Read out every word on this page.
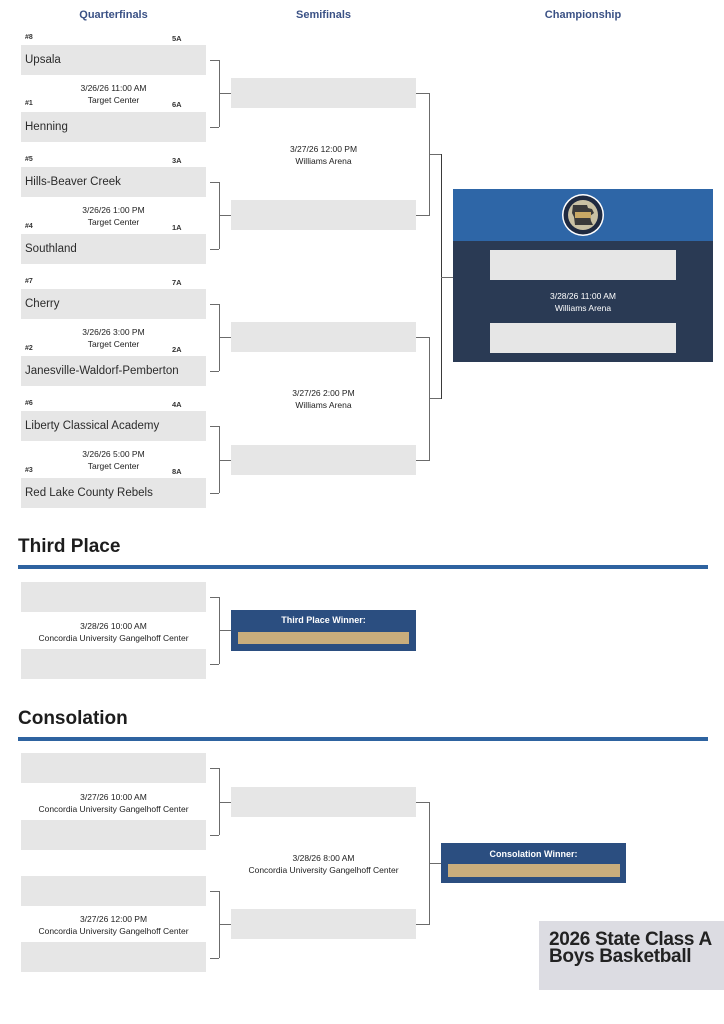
Quarterfinals	Semifinals	Championship
#8	5A
Upsala
3/26/26 11:00 AM
Target Center
#1	6A
Henning
#5	3A
Hills-Beaver Creek
3/26/26 1:00 PM
Target Center
#4	1A
Southland
#7	7A
Cherry
3/26/26 3:00 PM
Target Center
#2	2A
Janesville-Waldorf-Pemberton
#6	4A
Liberty Classical Academy
3/26/26 5:00 PM
Target Center
#3	8A
Red Lake County Rebels
3/27/26 12:00 PM
Williams Arena
3/27/26 2:00 PM
Williams Arena
3/28/26 11:00 AM
Williams Arena
Third Place
3/28/26 10:00 AM
Concordia University Gangelhoff Center
Third Place Winner:
Consolation
3/27/26 10:00 AM
Concordia University Gangelhoff Center
3/27/26 12:00 PM
Concordia University Gangelhoff Center
3/28/26 8:00 AM
Concordia University Gangelhoff Center
Consolation Winner:
2026 State Class A Boys Basketball
